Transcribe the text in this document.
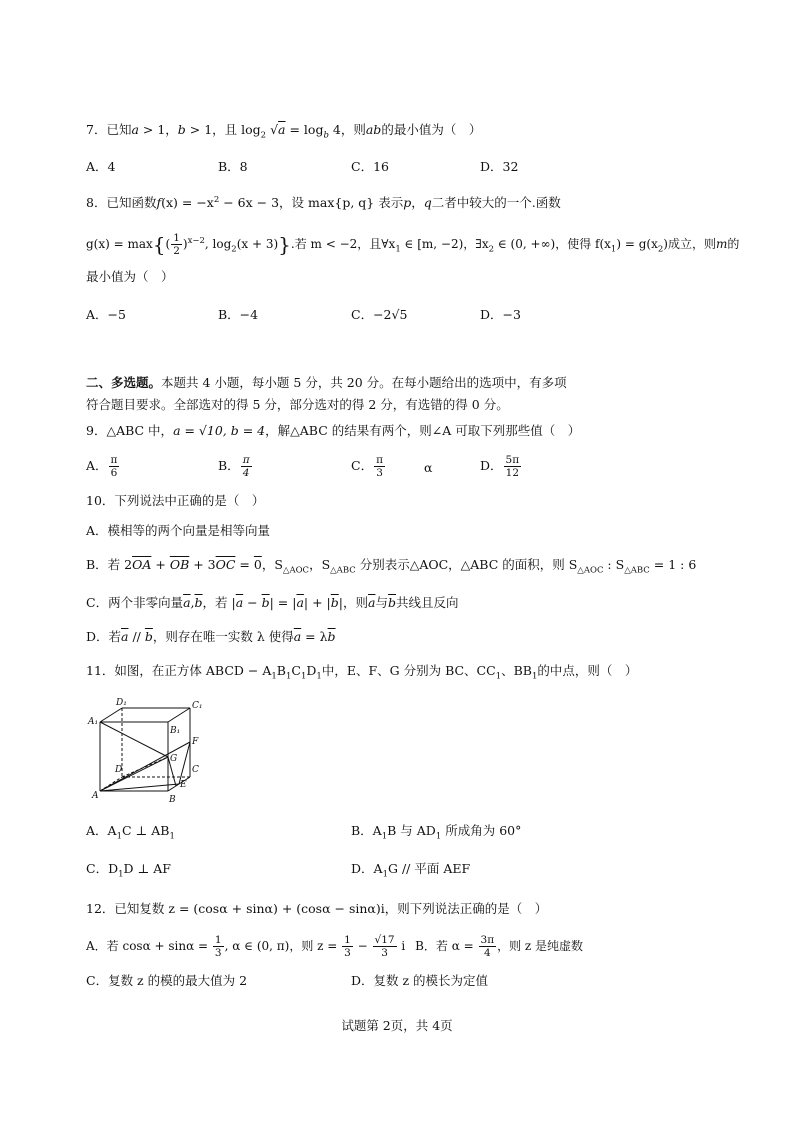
7．已知a > 1，b > 1，且 $\log_2 √a = \log_b 4$，则ab的最小值为（　）
A．4	B．8	C．16	D．32
8．已知函数$f(x) = -x^2 - 6x - 3$，设 max{p, q} 表示p，q二者中较大的一个.函数
$g(x) = \max\{( \frac{1}{2} )^{x-2}$, $\log_2(x + 3)$}.若 m < −2，且$\forall x_1$ ∈ [m, −2)，$\exists x_2$ ∈ (0, +∞)，使得 $f(x_1) = g(x_2)$成立，则m的
最小值为（　）
A．−5	B．−4	C．−2√5	D．−3
二、多选题。本题共 4 小题，每小题 5 分，共 20 分。在每小题给出的选项中，有多项
符合题目要求。全部选对的得 5 分，部分选对的得 2 分，有选错的得 0 分。
9．△ABC 中，a = √10, b = 4，解△ABC 的结果有两个，则∠A 可取下列那些值（　）
A． $\frac{\pi}{6}$	B． $\frac{\pi}{4}$	C． $\frac{\pi}{3}$	α	D． $\frac{5\pi}{12}$
10．下列说法中正确的是（　）
A．模相等的两个向量是相等向量
B．若 $2\overline{OA} + \overline{OB} + 3\overline{OC} = 0$，$S_{\triangle AOC}$，$S_{\triangle ABC}$ 分别表示△AOC，△ABC 的面积，则 $S_{\triangle AOC}$ : $S_{\triangle ABC} = 1$ : 6
C．两个非零向量$\overline{a},\overline{b}$，若 $|\overline{a} - \overline{b}| = |\overline{a}| + |\overline{b}|$，则$\overline{a}$与$\overline{b}$共线且反向
D．若$\overline{a} // \overline{b}$，则存在唯一实数 λ 使得$\overline{a} = \lambda\overline{b}$
11．如图，在正方体 ABCD − $A_1B_1C_1D_1$中，E、F、G 分别为 BC、$CC_1$、$BB_1$的中点，则（　）
D₁	C₁
A₁
B₁
F
D
G
C
E
A	B
A．$A_1C$ ⊥ $AB_1$	B．$A_1B$ 与 $AD_1$ 所成角为 60°
C．$D_1D$ ⊥ AF	D．$A_1G$ // 平面 AEF
12．已知复数 z = (cosα + sinα) + (cosα − sinα)i，则下列说法正确的是（　）
A．若 $\cos\alpha + \sin\alpha = \frac{1}{3}$ , α ∈ (0, π)，则 $z = \frac{1}{3} - \frac{√17}{3}$ i B．若 $\alpha = \frac{3\pi}{4}$ ，则 z 是纯虚数
C．复数 z 的模的最大值为 2	D．复数 z 的模长为定值
试题第 2页，共 4页
